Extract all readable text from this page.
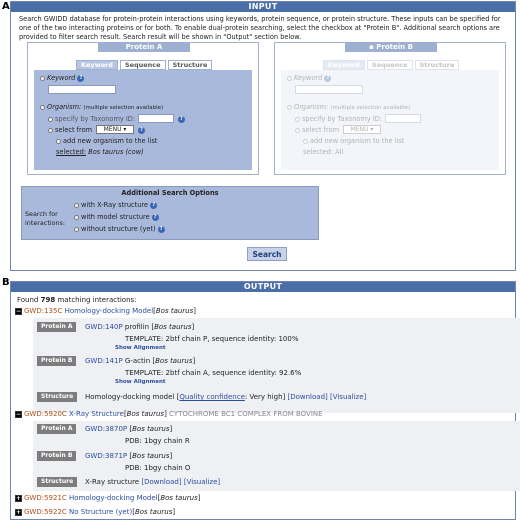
A	INPUT
Search GWIDD database for protein-protein interactions using keywords, protein sequence, or protein structure. These inputs can be specified for one of the two interacting proteins or for both. To enable dual-protein searching, select the checkbox at "Protein B". Additional search options are provided to filter search result. Search result will be shown in "Output" section below.
Protein A
Keyword	Sequence	Structure
Keyword ?
Organism: (multiple selection available)
specify by Taxonomy ID:	?
select from	MENU ▾	?
add new organism to the list
selected: Bos taurus (cow)
▪ Protein B
Keyword	Sequence	Structure
Keyword ?
Organism: (multiple selection available)
specify by Taxonomy ID:
select from	MENU ▾
add new organism to the list
selected: All
Additional Search Options
Search for interactions:
with X-Ray structure ?
with model structure ?
without structure (yet) ?
Search
B	OUTPUT
Found 798 matching interactions:
− GWD:135C Homology-docking Model[Bos taurus]
Protein A	GWD:140P profilin [Bos taurus]
TEMPLATE: 2btf chain P, sequence identity: 100%
Show Alignment
Protein B	GWD:141P G-actin [Bos taurus]
TEMPLATE: 2btf chain A, sequence identity: 92.6%
Show Alignment
Structure	Homology-docking model [Quality confidence: Very high] [Download] [Visualize]
− GWD:5920C X-Ray Structure[Bos taurus] CYTOCHROME BC1 COMPLEX FROM BOVINE
Protein A	GWD:3870P [Bos taurus]
PDB: 1bgy chain R
Protein B	GWD:3871P [Bos taurus]
PDB: 1bgy chain O
Structure	X-Ray structure [Download] [Visualize]
+ GWD:5921C Homology-docking Model[Bos taurus]
+ GWD:5922C No Structure (yet)[Bos taurus]
